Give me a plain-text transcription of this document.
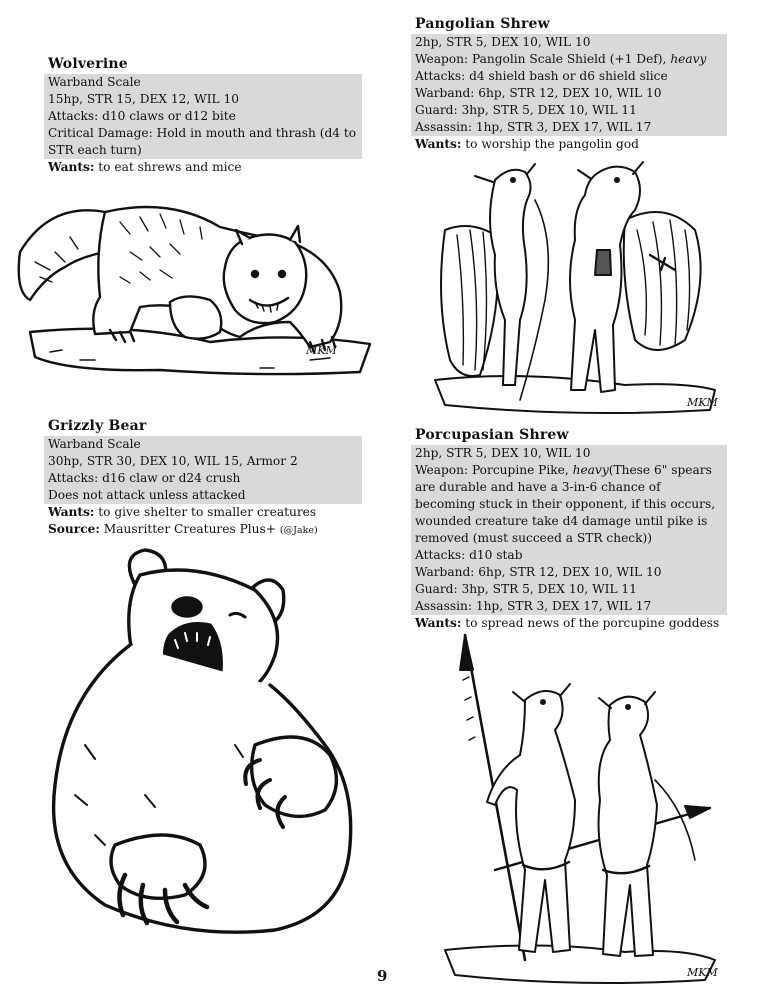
Wolverine
Warband Scale
15hp, STR 15, DEX 12, WIL 10
Attacks: d10 claws or d12 bite
Critical Damage: Hold in mouth and thrash (d4 to STR each turn)
Wants: to eat shrews and mice
MKM
Grizzly Bear
Warband Scale
30hp, STR 30, DEX 10, WIL 15, Armor 2
Attacks: d16 claw or d24 crush
Does not attack unless attacked
Wants: to give shelter to smaller creatures
Source: Mausritter Creatures Plus+ (@Jake)
Pangolian Shrew
2hp, STR 5, DEX 10, WIL 10
Weapon: Pangolin Scale Shield (+1 Def), heavy
Attacks: d4 shield bash or d6 shield slice
Warband: 6hp, STR 12, DEX 10, WIL 10
Guard: 3hp, STR 5, DEX 10, WIL 11
Assassin: 1hp, STR 3, DEX 17, WIL 17
Wants: to worship the pangolin god
MKM
Porcupasian Shrew
2hp, STR 5, DEX 10, WIL 10
Weapon: Porcupine Pike, heavy(These 6" spears are durable and have a 3-in-6 chance of becoming stuck in their opponent, if this occurs, wounded creature take d4 damage until pike is removed (must succeed a STR check))
Attacks: d10 stab
Warband: 6hp, STR 12, DEX 10, WIL 10
Guard: 3hp, STR 5, DEX 10, WIL 11
Assassin: 1hp, STR 3, DEX 17, WIL 17
Wants: to spread news of the porcupine goddess
MKM
9
